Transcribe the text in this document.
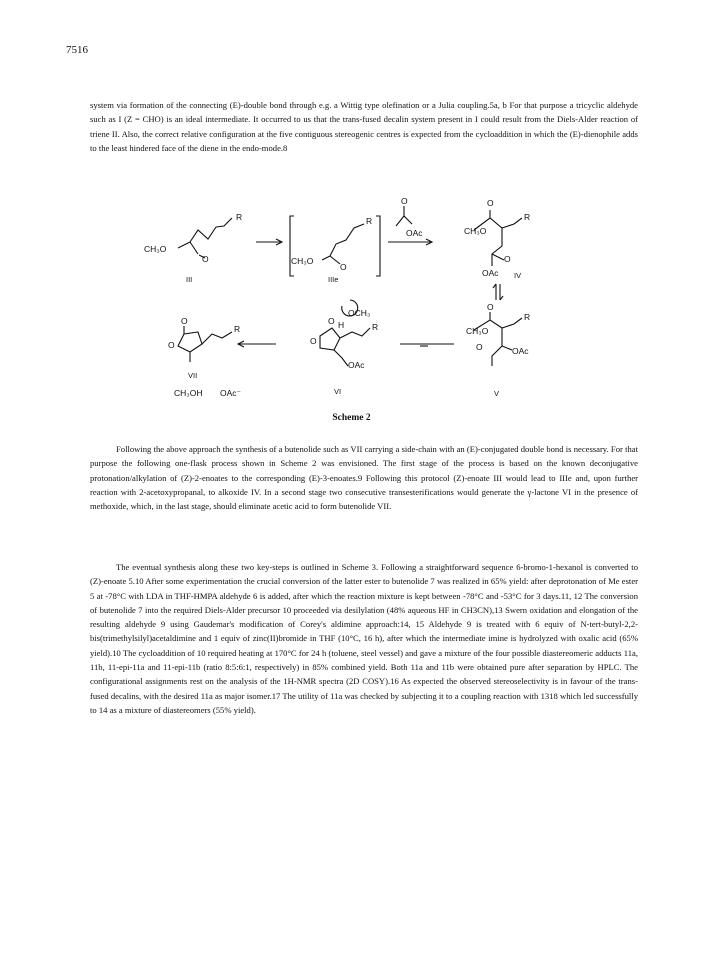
7516

system via formation of the connecting (E)-double bond through e.g. a Wittig type olefination or a Julia coupling.5a, b For that purpose a tricyclic aldehyde such as I (Z = CHO) is an ideal intermediate. It occurred to us that the trans-fused decalin system present in I could result from the Diels-Alder reaction of triene II. Also, the correct relative configuration at the five contiguous stereogenic centres is expected from the cycloaddition in which the (E)-dienophile adds to the least hindered face of the diene in the endo-mode.8

CH₃O
O
R
III
CH₃O
O
R
IIIe
O
OAc
O
CH₃O
R
O
OAc IV
O
CH₃O
R
O	OAc
V
OCH₃
O H	R
O
OAc
VI
O
O
R
VII
CH₃OH OAc⁻
Scheme 2

Following the above approach the synthesis of a butenolide such as VII carrying a side-chain with an (E)-conjugated double bond is necessary. For that purpose the following one-flask process shown in Scheme 2 was envisioned. The first stage of the process is based on the known deconjugative protonation/alkylation of (Z)-2-enoates to the corresponding (E)-3-enoates.9 Following this protocol (Z)-enoate III would lead to IIIe and, upon further reaction with 2-acetoxypropanal, to alkoxide IV. In a second stage two consecutive transesterifications would generate the γ-lactone VI in the presence of methoxide, which, in the last stage, should eliminate acetic acid to form butenolide VII.

The eventual synthesis along these two key-steps is outlined in Scheme 3. Following a straightforward sequence 6-bromo-1-hexanol is converted to (Z)-enoate 5.10 After some experimentation the crucial conversion of the latter ester to butenolide 7 was realized in 65% yield: after deprotonation of Me ester 5 at -78°C with LDA in THF-HMPA aldehyde 6 is added, after which the reaction mixture is kept between -78°C and -53°C for 3 days.11, 12 The conversion of butenolide 7 into the required Diels-Alder precursor 10 proceeded via desilylation (48% aqueous HF in CH3CN),13 Swern oxidation and elongation of the resulting aldehyde 9 using Gaudemar's modification of Corey's aldimine approach:14, 15 Aldehyde 9 is treated with 6 equiv of N-tert-butyl-2,2-bis(trimethylsilyl)acetaldimine and 1 equiv of zinc(II)bromide in THF (10°C, 16 h), after which the intermediate imine is hydrolyzed with oxalic acid (65% yield).10 The cycloaddition of 10 required heating at 170°C for 24 h (toluene, steel vessel) and gave a mixture of the four possible diastereomeric adducts 11a, 11b, 11-epi-11a and 11-epi-11b (ratio 8:5:6:1, respectively) in 85% combined yield. Both 11a and 11b were obtained pure after separation by HPLC. The configurational assignments rest on the analysis of the 1H-NMR spectra (2D COSY).16 As expected the observed stereoselectivity is in favour of the trans-fused decalins, with the desired 11a as major isomer.17 The utility of 11a was checked by subjecting it to a coupling reaction with 1318 which led successfully to 14 as a mixture of diastereomers (55% yield).
